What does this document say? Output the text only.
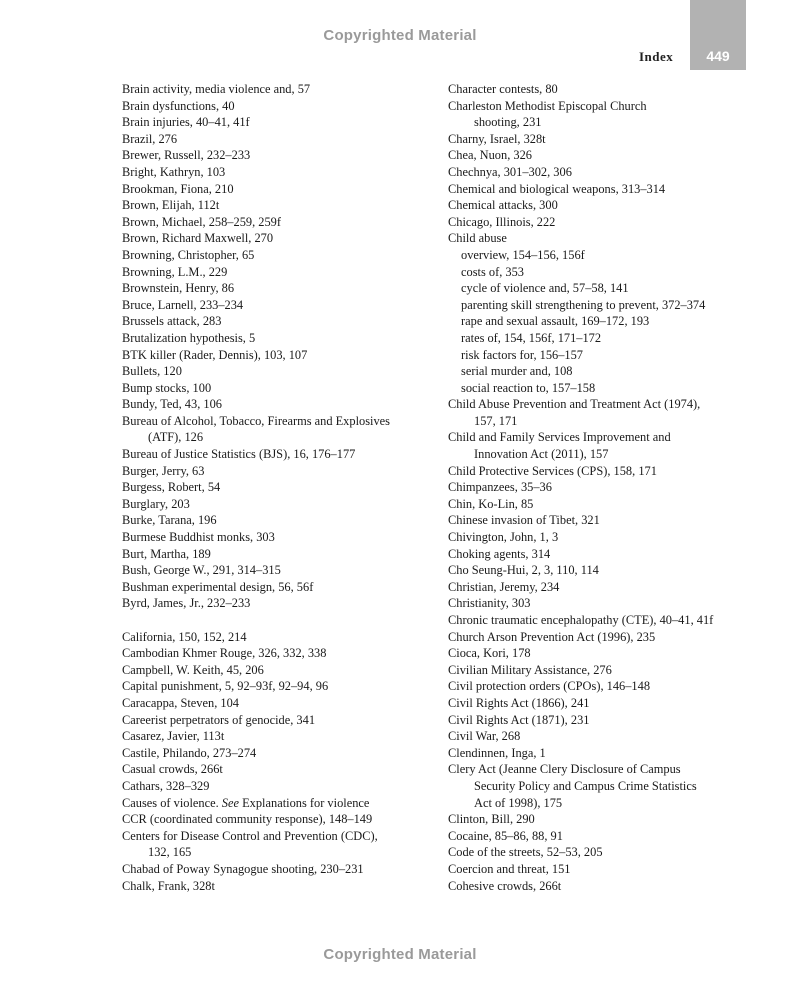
Copyrighted Material
Index 449
Brain activity, media violence and, 57
Brain dysfunctions, 40
Brain injuries, 40–41, 41f
Brazil, 276
Brewer, Russell, 232–233
Bright, Kathryn, 103
Brookman, Fiona, 210
Brown, Elijah, 112t
Brown, Michael, 258–259, 259f
Brown, Richard Maxwell, 270
Browning, Christopher, 65
Browning, L.M., 229
Brownstein, Henry, 86
Bruce, Larnell, 233–234
Brussels attack, 283
Brutalization hypothesis, 5
BTK killer (Rader, Dennis), 103, 107
Bullets, 120
Bump stocks, 100
Bundy, Ted, 43, 106
Bureau of Alcohol, Tobacco, Firearms and Explosives
(ATF), 126
Bureau of Justice Statistics (BJS), 16, 176–177
Burger, Jerry, 63
Burgess, Robert, 54
Burglary, 203
Burke, Tarana, 196
Burmese Buddhist monks, 303
Burt, Martha, 189
Bush, George W., 291, 314–315
Bushman experimental design, 56, 56f
Byrd, James, Jr., 232–233
California, 150, 152, 214
Cambodian Khmer Rouge, 326, 332, 338
Campbell, W. Keith, 45, 206
Capital punishment, 5, 92–93f, 92–94, 96
Caracappa, Steven, 104
Careerist perpetrators of genocide, 341
Casarez, Javier, 113t
Castile, Philando, 273–274
Casual crowds, 266t
Cathars, 328–329
Causes of violence. See Explanations for violence
CCR (coordinated community response), 148–149
Centers for Disease Control and Prevention (CDC),
132, 165
Chabad of Poway Synagogue shooting, 230–231
Chalk, Frank, 328t
Character contests, 80
Charleston Methodist Episcopal Church
shooting, 231
Charny, Israel, 328t
Chea, Nuon, 326
Chechnya, 301–302, 306
Chemical and biological weapons, 313–314
Chemical attacks, 300
Chicago, Illinois, 222
Child abuse
overview, 154–156, 156f
costs of, 353
cycle of violence and, 57–58, 141
parenting skill strengthening to prevent, 372–374
rape and sexual assault, 169–172, 193
rates of, 154, 156f, 171–172
risk factors for, 156–157
serial murder and, 108
social reaction to, 157–158
Child Abuse Prevention and Treatment Act (1974),
157, 171
Child and Family Services Improvement and
Innovation Act (2011), 157
Child Protective Services (CPS), 158, 171
Chimpanzees, 35–36
Chin, Ko-Lin, 85
Chinese invasion of Tibet, 321
Chivington, John, 1, 3
Choking agents, 314
Cho Seung-Hui, 2, 3, 110, 114
Christian, Jeremy, 234
Christianity, 303
Chronic traumatic encephalopathy (CTE), 40–41, 41f
Church Arson Prevention Act (1996), 235
Cioca, Kori, 178
Civilian Military Assistance, 276
Civil protection orders (CPOs), 146–148
Civil Rights Act (1866), 241
Civil Rights Act (1871), 231
Civil War, 268
Clendinnen, Inga, 1
Clery Act (Jeanne Clery Disclosure of Campus
Security Policy and Campus Crime Statistics
Act of 1998), 175
Clinton, Bill, 290
Cocaine, 85–86, 88, 91
Code of the streets, 52–53, 205
Coercion and threat, 151
Cohesive crowds, 266t
Copyrighted Material
